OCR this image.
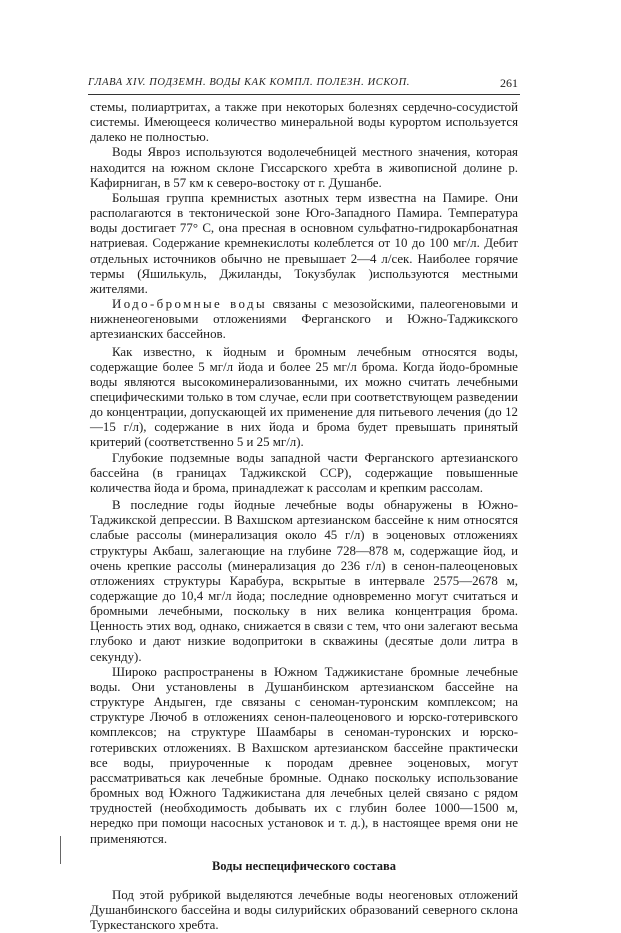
ГЛАВА XIV. ПОДЗЕМН. ВОДЫ КАК КОМПЛ. ПОЛЕЗН. ИСКОП.	261

стемы, полиартритах, а также при некоторых болезнях сердечно-сосудистой системы. Имеющееся количество минеральной воды курортом используется далеко не полностью.

Воды Явроз используются водолечебницей местного значения, которая находится на южном склоне Гиссарского хребта в живописной долине р. Кафирниган, в 57 км к северо-востоку от г. Душанбе.

Большая группа кремнистых азотных терм известна на Памире. Они располагаются в тектонической зоне Юго-Западного Памира. Температура воды достигает 77° С, она пресная в основном сульфатно-гидрокарбонатная натриевая. Содержание кремнекислоты колеблется от 10 до 100 мг/л. Дебит отдельных источников обычно не превышает 2—4 л/сек. Наиболее горячие термы (Яшилькуль, Джиланды, Токузбулак )используются местными жителями.

Иодо-бромные воды связаны с мезозойскими, палеогеновыми и нижненеогеновыми отложениями Ферганского и Южно-Таджикского артезианских бассейнов.

Как известно, к йодным и бромным лечебным относятся воды, содержащие более 5 мг/л йода и более 25 мг/л брома. Когда йодо-бромные воды являются высокоминерализованными, их можно считать лечебными специфическими только в том случае, если при соответствующем разведении до концентрации, допускающей их применение для питьевого лечения (до 12—15 г/л), содержание в них йода и брома будет превышать принятый критерий (соответственно 5 и 25 мг/л).

Глубокие подземные воды западной части Ферганского артезианского бассейна (в границах Таджикской ССР), содержащие повышенные количества йода и брома, принадлежат к рассолам и крепким рассолам.

В последние годы йодные лечебные воды обнаружены в Южно-Таджикской депрессии. В Вахшском артезианском бассейне к ним относятся слабые рассолы (минерализация около 45 г/л) в эоценовых отложениях структуры Акбаш, залегающие на глубине 728—878 м, содержащие йод, и очень крепкие рассолы (минерализация до 236 г/л) в сенон-палеоценовых отложениях структуры Карабура, вскрытые в интервале 2575—2678 м, содержащие до 10,4 мг/л йода; последние одновременно могут считаться и бромными лечебными, поскольку в них велика концентрация брома. Ценность этих вод, однако, снижается в связи с тем, что они залегают весьма глубоко и дают низкие водопритоки в скважины (десятые доли литра в секунду).

Широко распространены в Южном Таджикистане бромные лечебные воды. Они установлены в Душанбинском артезианском бассейне на структуре Андыген, где связаны с сеноман-туронским комплексом; на структуре Лючоб в отложениях сенон-палеоценового и юрско-готеривского комплексов; на структуре Шаамбары в сеноман-туронских и юрско-готеривских отложениях. В Вахшском артезианском бассейне практически все воды, приуроченные к породам древнее эоценовых, могут рассматриваться как лечебные бромные. Однако поскольку использование бромных вод Южного Таджикистана для лечебных целей связано с рядом трудностей (необходимость добывать их с глубин более 1000—1500 м, нередко при помощи насосных установок и т. д.), в настоящее время они не применяются.

Воды неспецифического состава

Под этой рубрикой выделяются лечебные воды неогеновых отложений Душанбинского бассейна и воды силурийских образований северного склона Туркестанского хребта.
